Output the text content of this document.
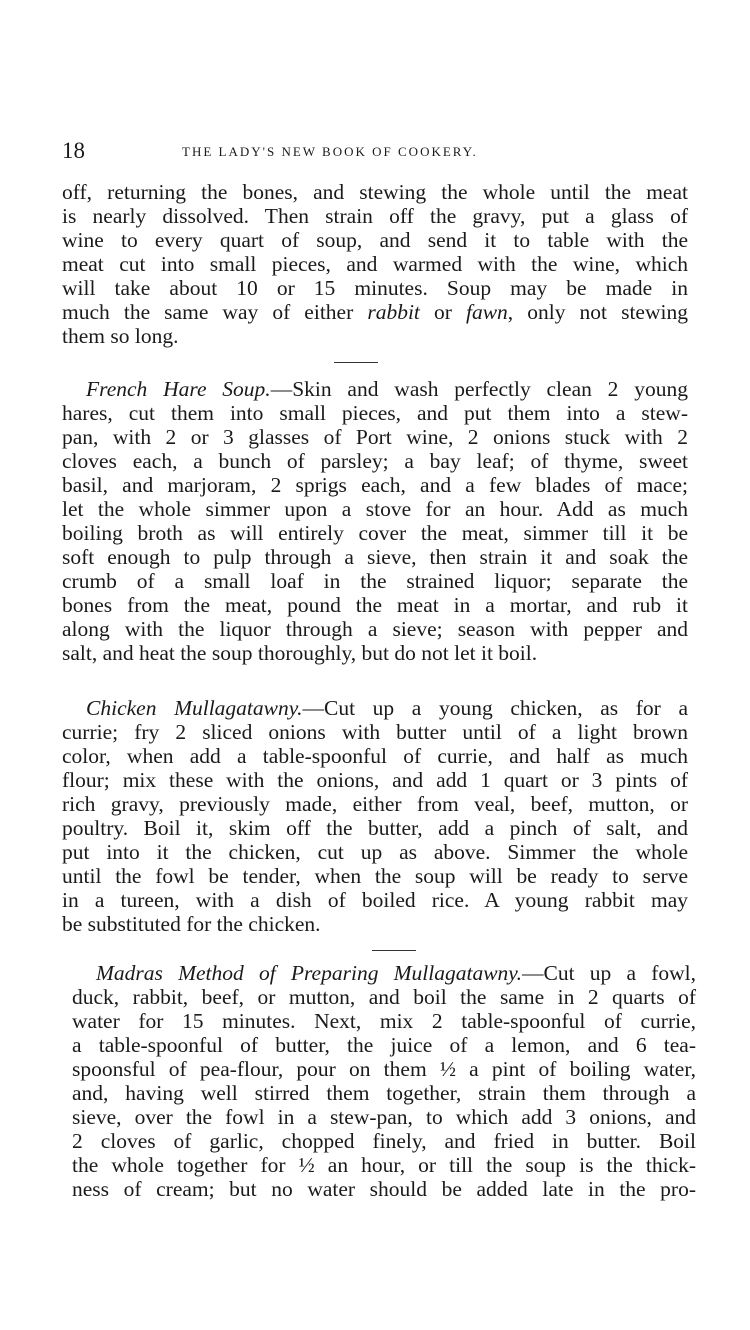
18	THE LADY'S NEW BOOK OF COOKERY.
off, returning the bones, and stewing the whole until the meat
is nearly dissolved. Then strain off the gravy, put a glass of
wine to every quart of soup, and send it to table with the
meat cut into small pieces, and warmed with the wine, which
will take about 10 or 15 minutes. Soup may be made in
much the same way of either rabbit or fawn, only not stewing
them so long.
French Hare Soup.—Skin and wash perfectly clean 2 young
hares, cut them into small pieces, and put them into a stew-
pan, with 2 or 3 glasses of Port wine, 2 onions stuck with 2
cloves each, a bunch of parsley; a bay leaf; of thyme, sweet
basil, and marjoram, 2 sprigs each, and a few blades of mace;
let the whole simmer upon a stove for an hour. Add as much
boiling broth as will entirely cover the meat, simmer till it be
soft enough to pulp through a sieve, then strain it and soak the
crumb of a small loaf in the strained liquor; separate the
bones from the meat, pound the meat in a mortar, and rub it
along with the liquor through a sieve; season with pepper and
salt, and heat the soup thoroughly, but do not let it boil.
Chicken Mullagatawny.—Cut up a young chicken, as for a
currie; fry 2 sliced onions with butter until of a light brown
color, when add a table-spoonful of currie, and half as much
flour; mix these with the onions, and add 1 quart or 3 pints of
rich gravy, previously made, either from veal, beef, mutton, or
poultry. Boil it, skim off the butter, add a pinch of salt, and
put into it the chicken, cut up as above. Simmer the whole
until the fowl be tender, when the soup will be ready to serve
in a tureen, with a dish of boiled rice. A young rabbit may
be substituted for the chicken.
Madras Method of Preparing Mullagatawny.—Cut up a fowl,
duck, rabbit, beef, or mutton, and boil the same in 2 quarts of
water for 15 minutes. Next, mix 2 table-spoonful of currie,
a table-spoonful of butter, the juice of a lemon, and 6 tea-
spoonsful of pea-flour, pour on them ½ a pint of boiling water,
and, having well stirred them together, strain them through a
sieve, over the fowl in a stew-pan, to which add 3 onions, and
2 cloves of garlic, chopped finely, and fried in butter. Boil
the whole together for ½ an hour, or till the soup is the thick-
ness of cream; but no water should be added late in the pro-
